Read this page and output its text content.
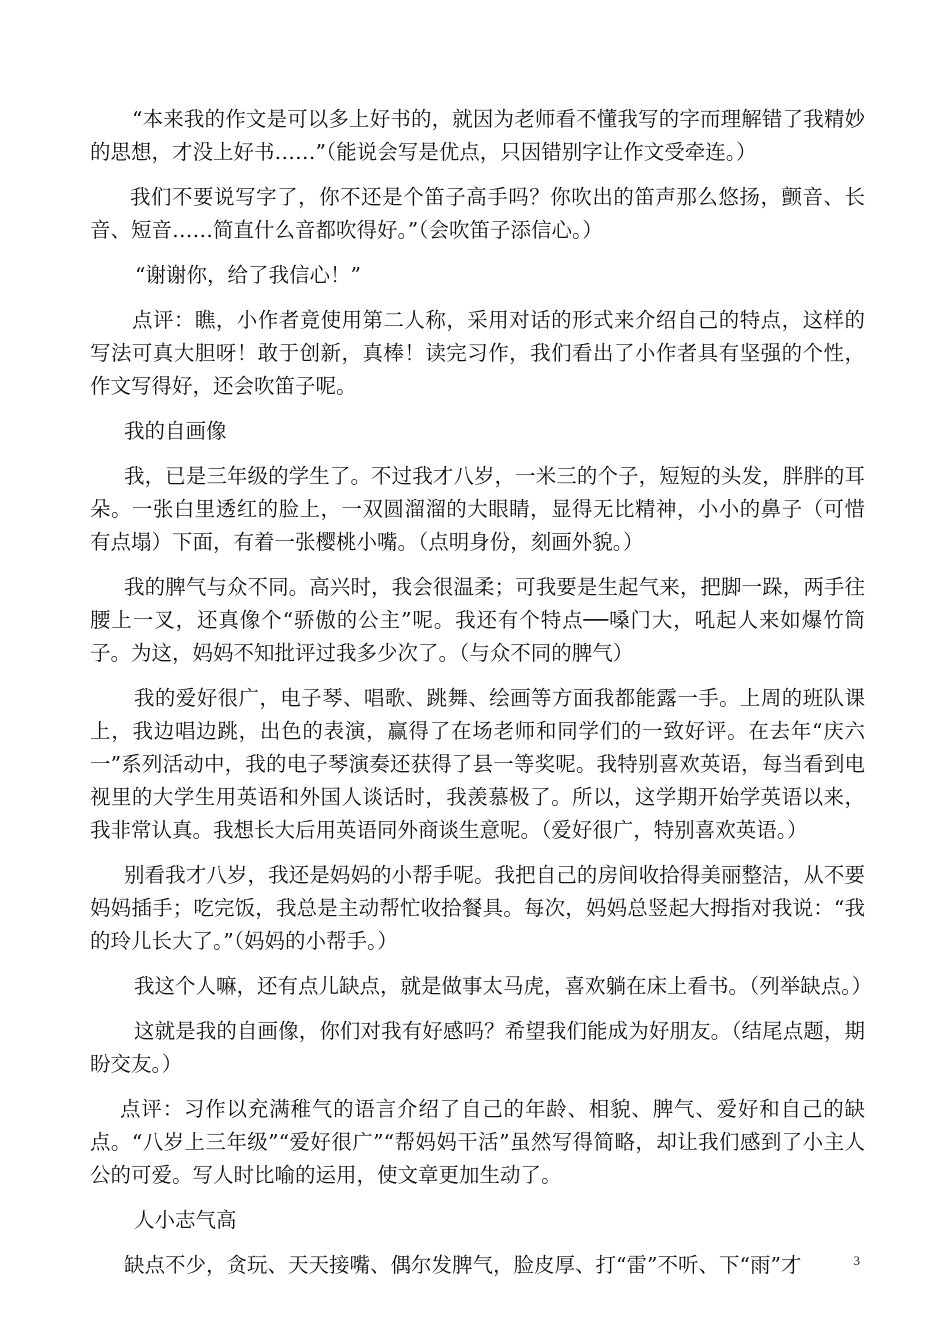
“本来我的作文是可以多上好书的，就因为老师看不懂我写的字而理解错了我精妙的思想，才没上好书……”（能说会写是优点，只因错别字让作文受牵连。）

我们不要说写字了，你不还是个笛子高手吗？你吹出的笛声那么悠扬，颤音、长音、短音……简直什么音都吹得好。”（会吹笛子添信心。）

“谢谢你，给了我信心！”

点评：瞧，小作者竟使用第二人称，采用对话的形式来介绍自己的特点，这样的写法可真大胆呀！敢于创新，真棒！读完习作，我们看出了小作者具有坚强的个性，作文写得好，还会吹笛子呢。

我的自画像

我，已是三年级的学生了。不过我才八岁，一米三的个子，短短的头发，胖胖的耳朵。一张白里透红的脸上，一双圆溜溜的大眼睛，显得无比精神，小小的鼻子（可惜有点塌）下面，有着一张樱桃小嘴。（点明身份，刻画外貌。）

我的脾气与众不同。高兴时，我会很温柔；可我要是生起气来，把脚一跺，两手往腰上一叉，还真像个“骄傲的公主”呢。我还有个特点──嗓门大，吼起人来如爆竹筒子。为这，妈妈不知批评过我多少次了。（与众不同的脾气）

我的爱好很广，电子琴、唱歌、跳舞、绘画等方面我都能露一手。上周的班队课上，我边唱边跳，出色的表演，赢得了在场老师和同学们的一致好评。在去年“庆六一”系列活动中，我的电子琴演奏还获得了县一等奖呢。我特别喜欢英语，每当看到电视里的大学生用英语和外国人谈话时，我羡慕极了。所以，这学期开始学英语以来，我非常认真。我想长大后用英语同外商谈生意呢。（爱好很广，特别喜欢英语。）

别看我才八岁，我还是妈妈的小帮手呢。我把自己的房间收拾得美丽整洁，从不要妈妈插手；吃完饭，我总是主动帮忙收拾餐具。每次，妈妈总竖起大拇指对我说：“我的玲儿长大了。”（妈妈的小帮手。）

我这个人嘛，还有点儿缺点，就是做事太马虎，喜欢躺在床上看书。（列举缺点。）

这就是我的自画像，你们对我有好感吗？希望我们能成为好朋友。（结尾点题，期盼交友。）

点评：习作以充满稚气的语言介绍了自己的年龄、相貌、脾气、爱好和自己的缺点。“八岁上三年级”“爱好很广”“帮妈妈干活”虽然写得简略，却让我们感到了小主人公的可爱。写人时比喻的运用，使文章更加生动了。

人小志气高

缺点不少，贪玩、天天接嘴、偶尔发脾气，脸皮厚、打“雷”不听、下“雨”才	3
